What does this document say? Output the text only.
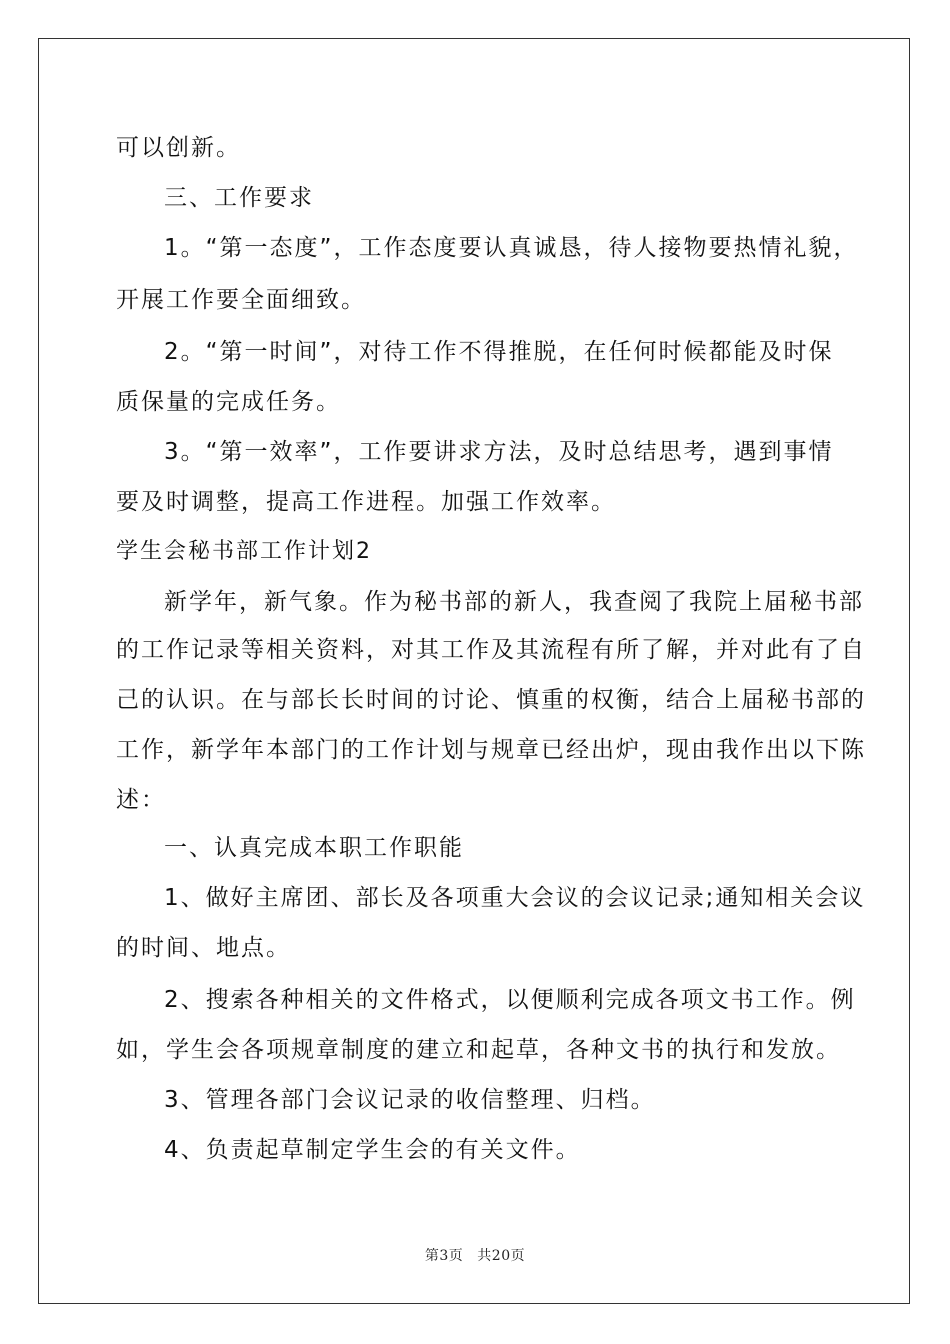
可以创新。

三、工作要求

1。“第一态度”，工作态度要认真诚恳，待人接物要热情礼貌，

开展工作要全面细致。

2。“第一时间”，对待工作不得推脱，在任何时候都能及时保

质保量的完成任务。

3。“第一效率”，工作要讲求方法，及时总结思考，遇到事情

要及时调整，提高工作进程。加强工作效率。

学生会秘书部工作计划2

新学年，新气象。作为秘书部的新人，我查阅了我院上届秘书部

的工作记录等相关资料，对其工作及其流程有所了解，并对此有了自

己的认识。在与部长长时间的讨论、慎重的权衡，结合上届秘书部的

工作，新学年本部门的工作计划与规章已经出炉，现由我作出以下陈

述：

一、认真完成本职工作职能

1、做好主席团、部长及各项重大会议的会议记录;通知相关会议

的时间、地点。

2、搜索各种相关的文件格式，以便顺利完成各项文书工作。例

如，学生会各项规章制度的建立和起草，各种文书的执行和发放。

3、管理各部门会议记录的收信整理、归档。

4、负责起草制定学生会的有关文件。

第3页 共20页
